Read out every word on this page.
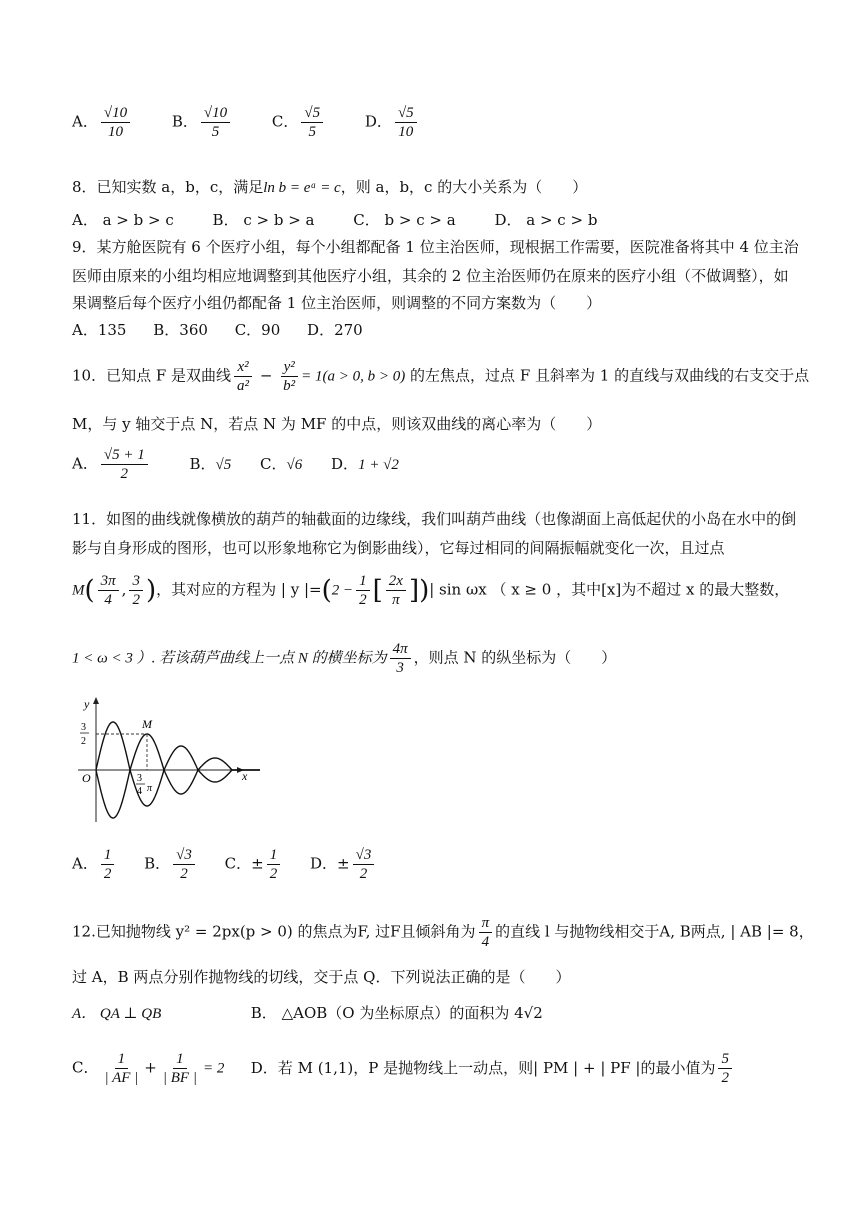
A． $\frac{√10}{10}$	B． $\frac{√10}{5}$	C． $\frac{√5}{5}$	D． $\frac{√5}{10}$
8．已知实数 a，b，c，满足ln b = eᵃ = c，则 a，b，c 的大小关系为（　　）
A． a > b > c	B． c > b > a	C． b > c > a	D． a > c > b
9．某方舱医院有 6 个医疗小组，每个小组都配备 1 位主治医师，现根据工作需要，医院准备将其中 4 位主治
医师由原来的小组均相应地调整到其他医疗小组，其余的 2 位主治医师仍在原来的医疗小组（不做调整），如
果调整后每个医疗小组仍都配备 1 位主治医师，则调整的不同方案数为（　　）
A．135 B．360 C．90 D．270
10．已知点 F 是双曲线 $\frac{\text{x²}}{\text{a²}} - \frac{\text{y²}}{\text{b²}} = 1(a > 0$, b > 0) 的左焦点，过点 F 且斜率为 1 的直线与双曲线的右支交于点
M，与 y 轴交于点 N，若点 N 为 MF 的中点，则该双曲线的离心率为（　　）
A． $\frac{√5 + 1}{2}$	B．√5 C．√6 D．1 + √2
11．如图的曲线就像横放的葫芦的轴截面的边缘线，我们叫葫芦曲线（也像湖面上高低起伏的小岛在水中的倒
影与自身形成的图形，也可以形象地称它为倒影曲线），它每过相同的间隔振幅就变化一次，且过点
$M( \frac{3\pi}{4}$ , $\frac{3}{2}$ )，其对应的方程为 | y $|=(2 - \frac{1}{2}$ [ $\frac{2x}{\pi}$ ])| sin ωx （ x ≥ 0 ，其中[x]为不超过 x 的最大整数，
1 < ω < 3 ）. 若该葫芦曲线上一点 N 的横坐标为 $\frac{4\pi}{3}$ ，则点 N 的纵坐标为（　　）
y
x
O
M
3
2
3
4 π
A． $\frac{1}{2}$ B． $\frac{√3}{2}$ C．± $\frac{1}{2}$ D．± $\frac{√3}{2}$
12.已知抛物线 y² = 2px(p > 0) 的焦点为F, 过F且倾斜角为 $\frac{\pi}{4}$ 的直线 l 与抛物线相交于A, B两点, | AB |= 8，
过 A，B 两点分别作抛物线的切线，交于点 Q．下列说法正确的是（　　）
A． QA ⊥ QB	B． △AOB（O 为坐标原点）的面积为 4√2
C． $\frac{1}{| AF |} + \frac{1}{| BF |} = 2$ D．若 M (1,1)，P 是抛物线上一动点，则| PM | + | PF |的最小值为 $\frac{5}{2}$
